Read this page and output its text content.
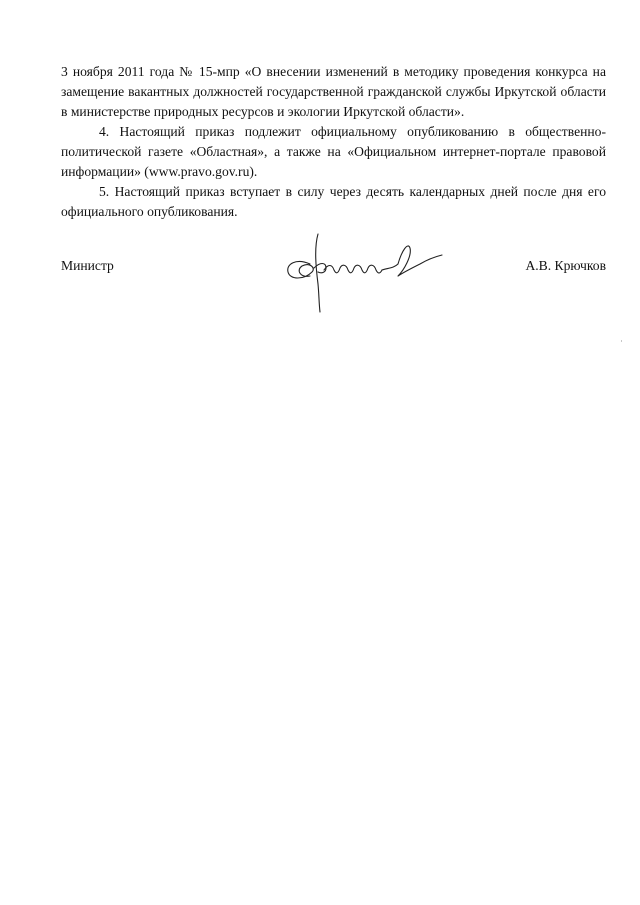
3 ноября 2011 года № 15-мпр «О внесении изменений в методику проведения конкурса на замещение вакантных должностей государственной гражданской службы Иркутской области в министерстве природных ресурсов и экологии Иркутской области».

4. Настоящий приказ подлежит официальному опубликованию в общественно-политической газете «Областная», а также на «Официальном интернет-портале правовой информации» (www.pravo.gov.ru).

5. Настоящий приказ вступает в силу через десять календарных дней после дня его официального опубликования.

Министр	А.В. Крючков
